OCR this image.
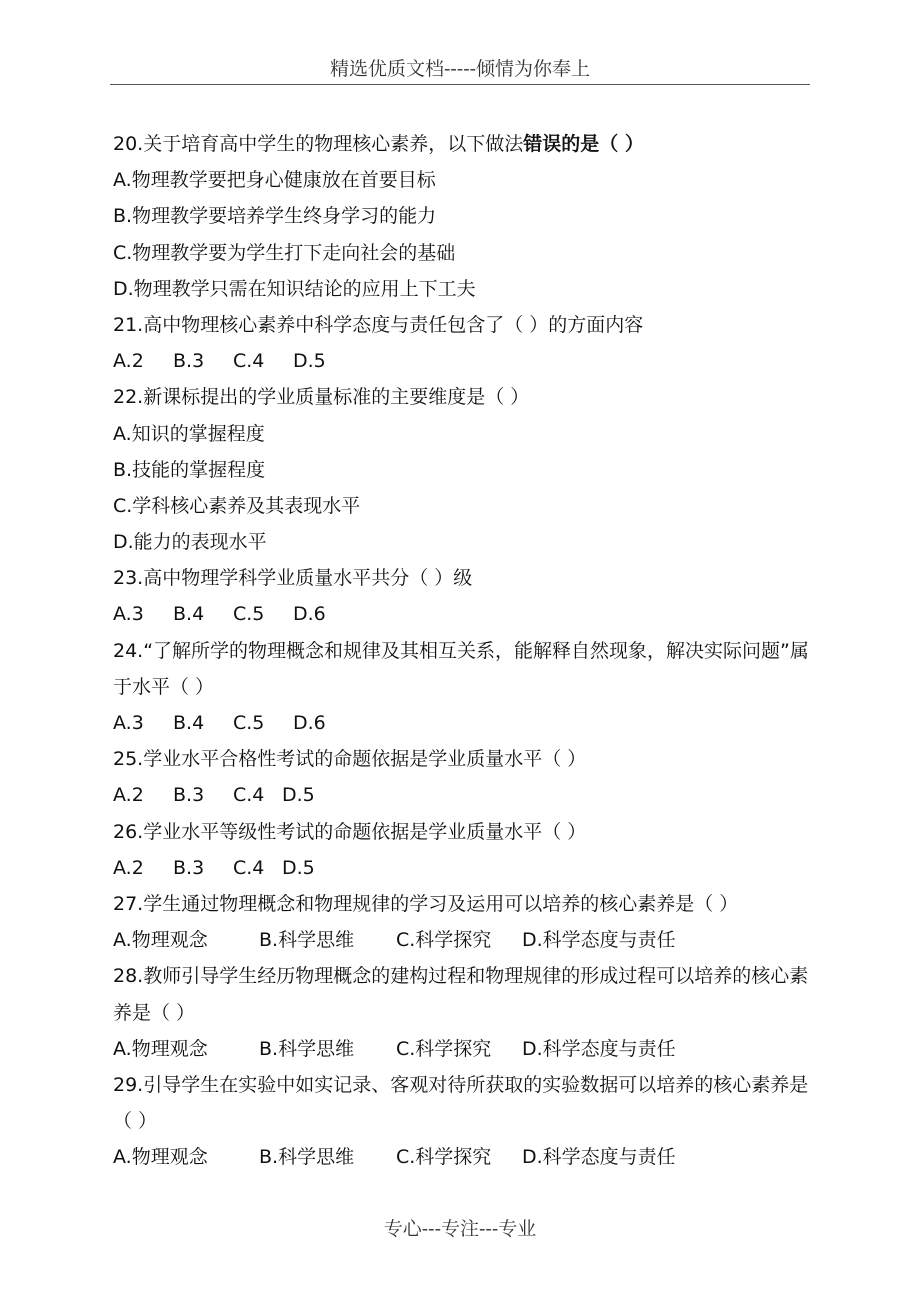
精选优质文档-----倾情为你奉上
20.关于培育高中学生的物理核心素养，以下做法错误的是（ ）
A.物理教学要把身心健康放在首要目标
B.物理教学要培养学生终身学习的能力
C.物理教学要为学生打下走向社会的基础
D.物理教学只需在知识结论的应用上下工夫
21.高中物理核心素养中科学态度与责任包含了（ ）的方面内容
A.2	B.3	C.4	D.5
22.新课标提出的学业质量标准的主要维度是（ ）
A.知识的掌握程度
B.技能的掌握程度
C.学科核心素养及其表现水平
D.能力的表现水平
23.高中物理学科学业质量水平共分（ ）级
A.3	B.4	C.5	D.6
24.“了解所学的物理概念和规律及其相互关系，能解释自然现象，解决实际问题”属于水平（ ）
A.3	B.4	C.5	D.6
25.学业水平合格性考试的命题依据是学业质量水平（ ）
A.2	B.3	C.4 D.5
26.学业水平等级性考试的命题依据是学业质量水平（ ）
A.2	B.3	C.4 D.5
27.学生通过物理概念和物理规律的学习及运用可以培养的核心素养是（ ）
A.物理观念	B.科学思维	C.科学探究	D.科学态度与责任
28.教师引导学生经历物理概念的建构过程和物理规律的形成过程可以培养的核心素养是（ ）
A.物理观念	B.科学思维	C.科学探究	D.科学态度与责任
29.引导学生在实验中如实记录、客观对待所获取的实验数据可以培养的核心素养是（ ）
A.物理观念	B.科学思维	C.科学探究	D.科学态度与责任
专心---专注---专业
